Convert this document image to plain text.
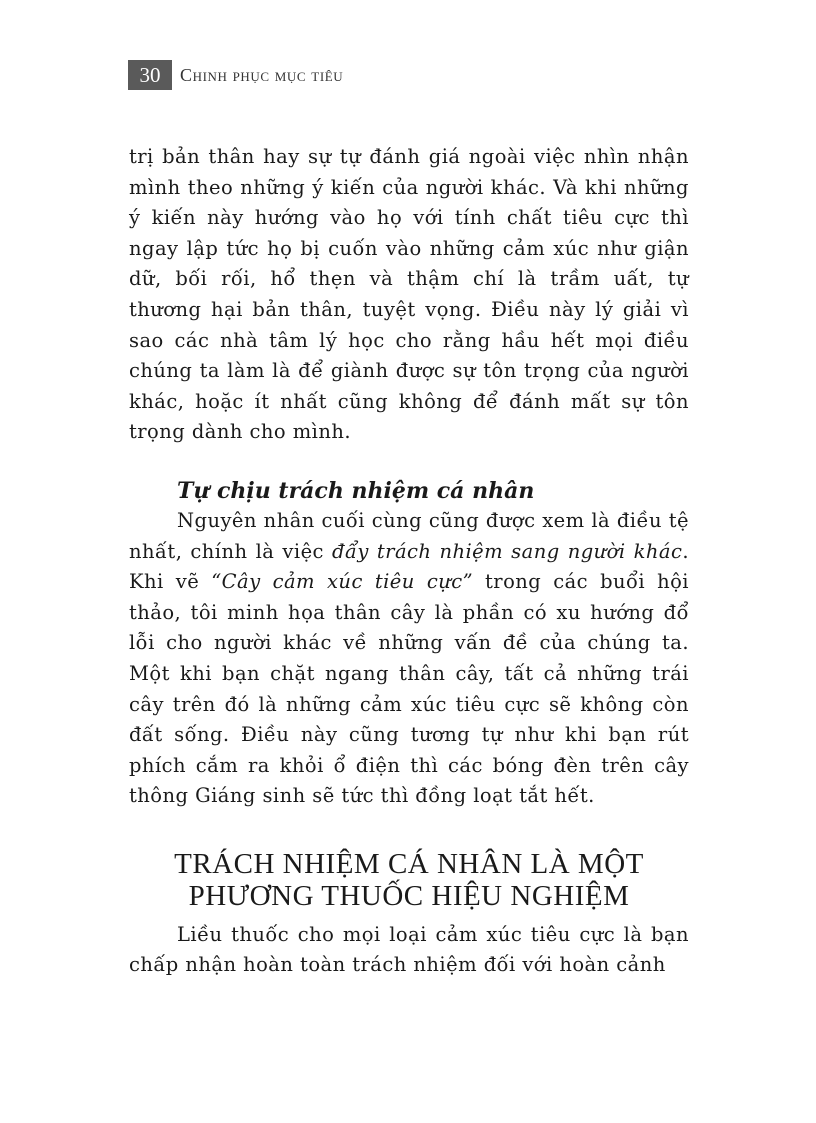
30	Chinh phục mục tiêu

trị bản thân hay sự tự đánh giá ngoài việc nhìn nhận mình theo những ý kiến của người khác. Và khi những ý kiến này hướng vào họ với tính chất tiêu cực thì ngay lập tức họ bị cuốn vào những cảm xúc như giận dữ, bối rối, hổ thẹn và thậm chí là trầm uất, tự thương hại bản thân, tuyệt vọng. Điều này lý giải vì sao các nhà tâm lý học cho rằng hầu hết mọi điều chúng ta làm là để giành được sự tôn trọng của người khác, hoặc ít nhất cũng không để đánh mất sự tôn trọng dành cho mình.

Tự chịu trách nhiệm cá nhân

Nguyên nhân cuối cùng cũng được xem là điều tệ nhất, chính là việc đẩy trách nhiệm sang người khác. Khi vẽ “Cây cảm xúc tiêu cực” trong các buổi hội thảo, tôi minh họa thân cây là phần có xu hướng đổ lỗi cho người khác về những vấn đề của chúng ta. Một khi bạn chặt ngang thân cây, tất cả những trái cây trên đó là những cảm xúc tiêu cực sẽ không còn đất sống. Điều này cũng tương tự như khi bạn rút phích cắm ra khỏi ổ điện thì các bóng đèn trên cây thông Giáng sinh sẽ tức thì đồng loạt tắt hết.

TRÁCH NHIỆM CÁ NHÂN LÀ MỘT
PHƯƠNG THUỐC HIỆU NGHIỆM

Liều thuốc cho mọi loại cảm xúc tiêu cực là bạn chấp nhận hoàn toàn trách nhiệm đối với hoàn cảnh
